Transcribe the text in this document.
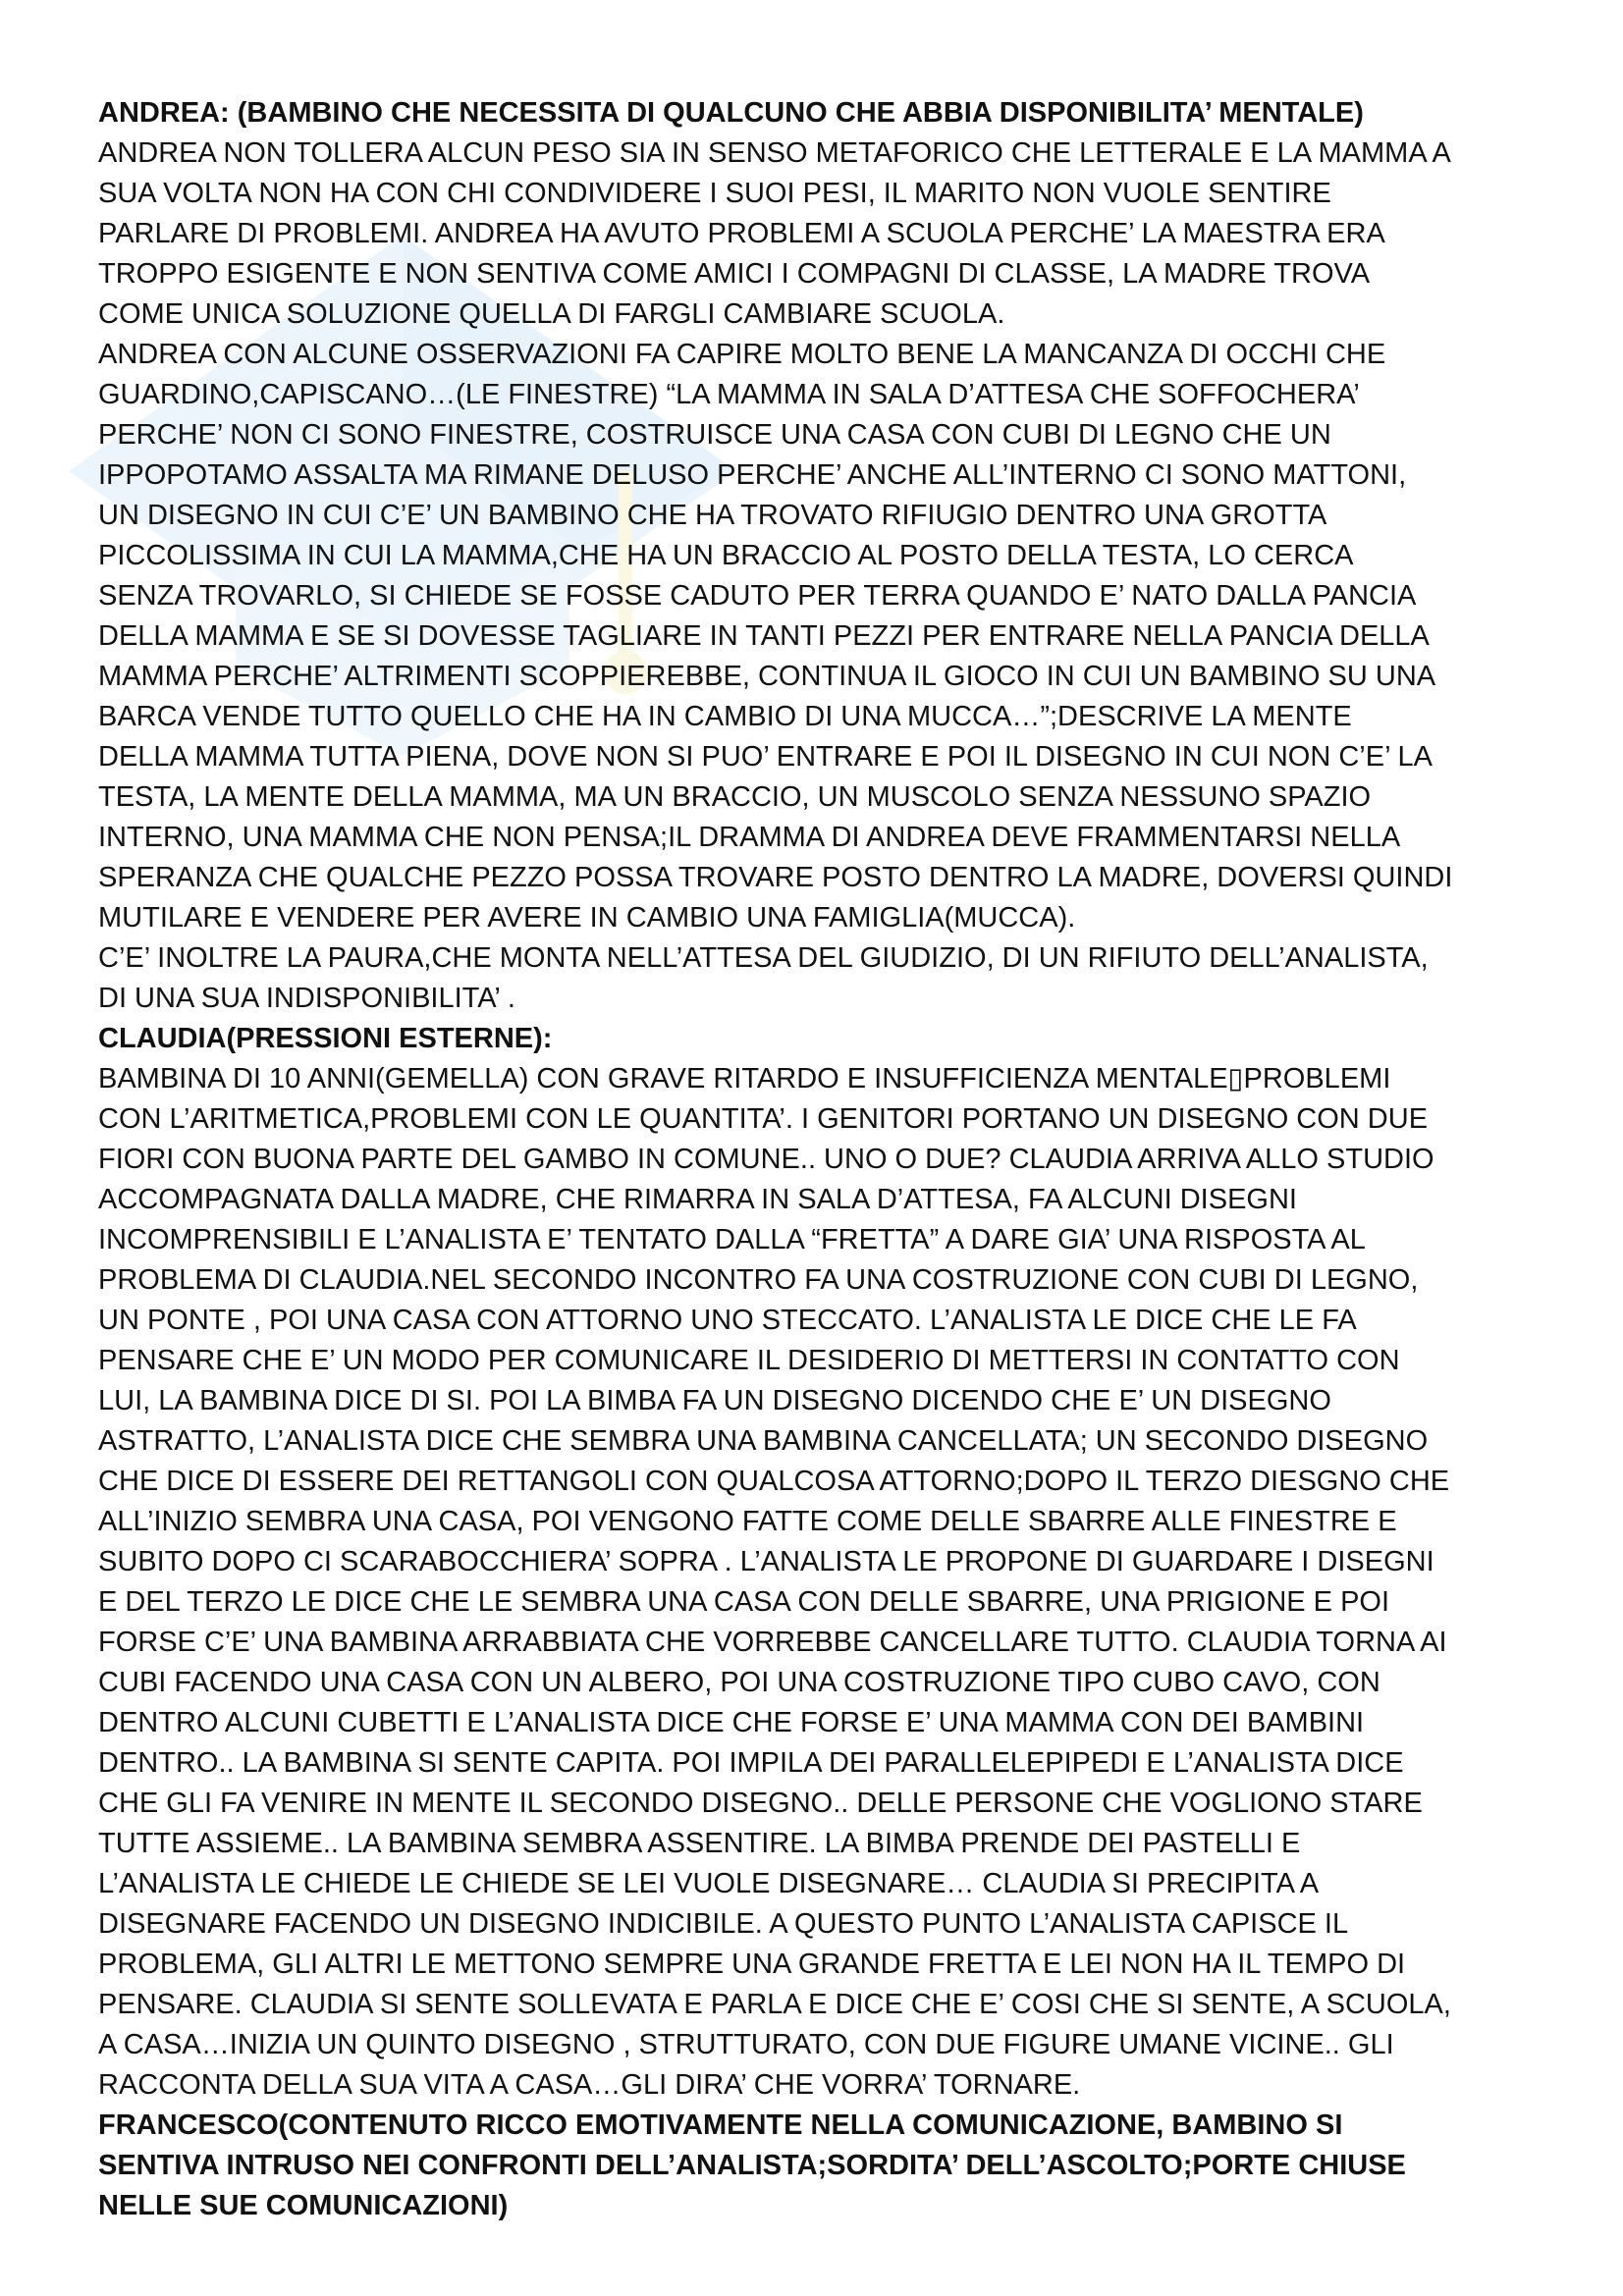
ANDREA: (BAMBINO CHE NECESSITA DI QUALCUNO CHE ABBIA DISPONIBILITA’ MENTALE)
ANDREA NON TOLLERA ALCUN PESO SIA IN SENSO METAFORICO CHE LETTERALE E LA MAMMA A
SUA VOLTA NON HA CON CHI CONDIVIDERE I SUOI PESI, IL MARITO NON VUOLE SENTIRE
PARLARE DI PROBLEMI. ANDREA HA AVUTO PROBLEMI A SCUOLA PERCHE’ LA MAESTRA ERA
TROPPO ESIGENTE E NON SENTIVA COME AMICI I COMPAGNI DI CLASSE, LA MADRE TROVA
COME UNICA SOLUZIONE QUELLA DI FARGLI CAMBIARE SCUOLA.
ANDREA CON ALCUNE OSSERVAZIONI FA CAPIRE MOLTO BENE LA MANCANZA DI OCCHI CHE
GUARDINO,CAPISCANO…(LE FINESTRE) “LA MAMMA IN SALA D’ATTESA CHE SOFFOCHERA’
PERCHE’ NON CI SONO FINESTRE, COSTRUISCE UNA CASA CON CUBI DI LEGNO CHE UN
IPPOPOTAMO ASSALTA MA RIMANE DELUSO PERCHE’ ANCHE ALL’INTERNO CI SONO MATTONI,
UN DISEGNO IN CUI C’E’ UN BAMBINO CHE HA TROVATO RIFIUGIO DENTRO UNA GROTTA
PICCOLISSIMA IN CUI LA MAMMA,CHE HA UN BRACCIO AL POSTO DELLA TESTA, LO CERCA
SENZA TROVARLO, SI CHIEDE SE FOSSE CADUTO PER TERRA QUANDO E’ NATO DALLA PANCIA
DELLA MAMMA E SE SI DOVESSE TAGLIARE IN TANTI PEZZI PER ENTRARE NELLA PANCIA DELLA
MAMMA PERCHE’ ALTRIMENTI SCOPPIEREBBE, CONTINUA IL GIOCO IN CUI UN BAMBINO SU UNA
BARCA VENDE TUTTO QUELLO CHE HA IN CAMBIO DI UNA MUCCA…”;DESCRIVE LA MENTE
DELLA MAMMA TUTTA PIENA, DOVE NON SI PUO’ ENTRARE E POI IL DISEGNO IN CUI NON C’E’ LA
TESTA, LA MENTE DELLA MAMMA, MA UN BRACCIO, UN MUSCOLO SENZA NESSUNO SPAZIO
INTERNO, UNA MAMMA CHE NON PENSA;IL DRAMMA DI ANDREA DEVE FRAMMENTARSI NELLA
SPERANZA CHE QUALCHE PEZZO POSSA TROVARE POSTO DENTRO LA MADRE, DOVERSI QUINDI
MUTILARE E VENDERE PER AVERE IN CAMBIO UNA FAMIGLIA(MUCCA).
C’E’ INOLTRE LA PAURA,CHE MONTA NELL’ATTESA DEL GIUDIZIO, DI UN RIFIUTO DELL’ANALISTA,
DI UNA SUA INDISPONIBILITA’ .
CLAUDIA(PRESSIONI ESTERNE):
BAMBINA DI 10 ANNI(GEMELLA) CON GRAVE RITARDO E INSUFFICIENZA MENTALE▯PROBLEMI
CON L’ARITMETICA,PROBLEMI CON LE QUANTITA’. I GENITORI PORTANO UN DISEGNO CON DUE
FIORI CON BUONA PARTE DEL GAMBO IN COMUNE.. UNO O DUE? CLAUDIA ARRIVA ALLO STUDIO
ACCOMPAGNATA DALLA MADRE, CHE RIMARRA IN SALA D’ATTESA, FA ALCUNI DISEGNI
INCOMPRENSIBILI E L’ANALISTA E’ TENTATO DALLA “FRETTA” A DARE GIA’ UNA RISPOSTA AL
PROBLEMA DI CLAUDIA.NEL SECONDO INCONTRO FA UNA COSTRUZIONE CON CUBI DI LEGNO,
UN PONTE , POI UNA CASA CON ATTORNO UNO STECCATO. L’ANALISTA LE DICE CHE LE FA
PENSARE CHE E’ UN MODO PER COMUNICARE IL DESIDERIO DI METTERSI IN CONTATTO CON
LUI, LA BAMBINA DICE DI SI. POI LA BIMBA FA UN DISEGNO DICENDO CHE E’ UN DISEGNO
ASTRATTO, L’ANALISTA DICE CHE SEMBRA UNA BAMBINA CANCELLATA; UN SECONDO DISEGNO
CHE DICE DI ESSERE DEI RETTANGOLI CON QUALCOSA ATTORNO;DOPO IL TERZO DIESGNO CHE
ALL’INIZIO SEMBRA UNA CASA, POI VENGONO FATTE COME DELLE SBARRE ALLE FINESTRE E
SUBITO DOPO CI SCARABOCCHIERA’ SOPRA . L’ANALISTA LE PROPONE DI GUARDARE I DISEGNI
E DEL TERZO LE DICE CHE LE SEMBRA UNA CASA CON DELLE SBARRE, UNA PRIGIONE E POI
FORSE C’E’ UNA BAMBINA ARRABBIATA CHE VORREBBE CANCELLARE TUTTO. CLAUDIA TORNA AI
CUBI FACENDO UNA CASA CON UN ALBERO, POI UNA COSTRUZIONE TIPO CUBO CAVO, CON
DENTRO ALCUNI CUBETTI E L’ANALISTA DICE CHE FORSE E’ UNA MAMMA CON DEI BAMBINI
DENTRO.. LA BAMBINA SI SENTE CAPITA. POI IMPILA DEI PARALLELEPIPEDI E L’ANALISTA DICE
CHE GLI FA VENIRE IN MENTE IL SECONDO DISEGNO.. DELLE PERSONE CHE VOGLIONO STARE
TUTTE ASSIEME.. LA BAMBINA SEMBRA ASSENTIRE. LA BIMBA PRENDE DEI PASTELLI E
L’ANALISTA LE CHIEDE LE CHIEDE SE LEI VUOLE DISEGNARE… CLAUDIA SI PRECIPITA A
DISEGNARE FACENDO UN DISEGNO INDICIBILE. A QUESTO PUNTO L’ANALISTA CAPISCE IL
PROBLEMA, GLI ALTRI LE METTONO SEMPRE UNA GRANDE FRETTA E LEI NON HA IL TEMPO DI
PENSARE. CLAUDIA SI SENTE SOLLEVATA E PARLA E DICE CHE E’ COSI CHE SI SENTE, A SCUOLA,
A CASA…INIZIA UN QUINTO DISEGNO , STRUTTURATO, CON DUE FIGURE UMANE VICINE.. GLI
RACCONTA DELLA SUA VITA A CASA…GLI DIRA’ CHE VORRA’ TORNARE.
FRANCESCO(CONTENUTO RICCO EMOTIVAMENTE NELLA COMUNICAZIONE, BAMBINO SI
SENTIVA INTRUSO NEI CONFRONTI DELL’ANALISTA;SORDITA’ DELL’ASCOLTO;PORTE CHIUSE
NELLE SUE COMUNICAZIONI)
